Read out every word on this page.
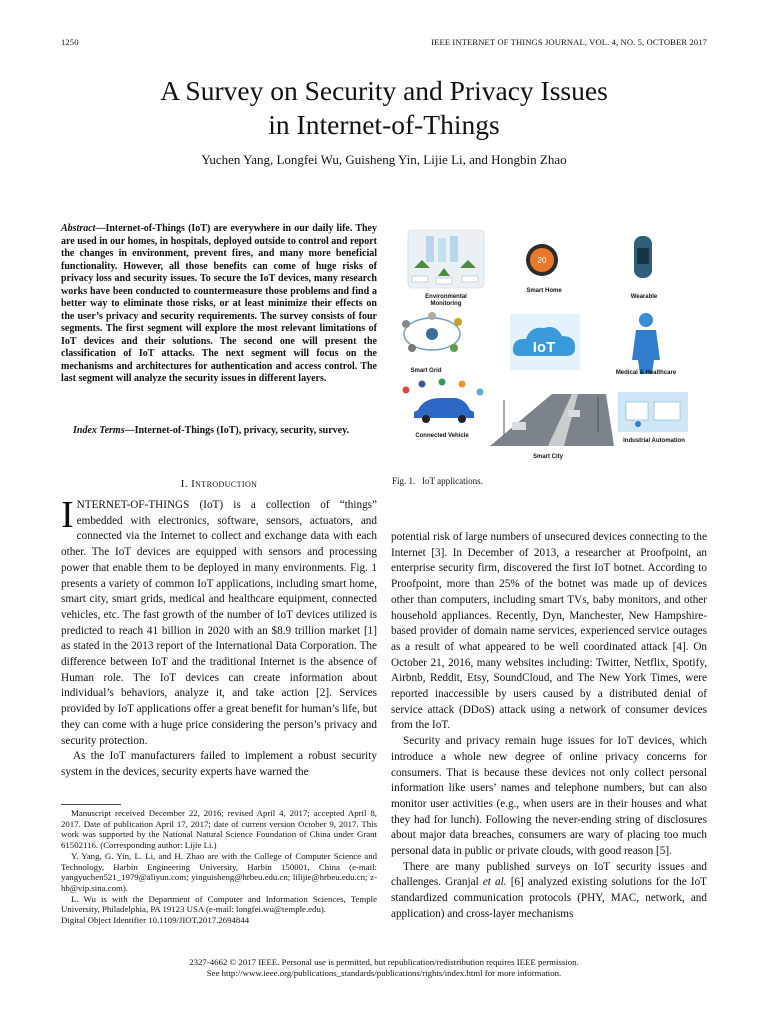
1250	IEEE INTERNET OF THINGS JOURNAL, VOL. 4, NO. 5, OCTOBER 2017
A Survey on Security and Privacy Issues
in Internet-of-Things
Yuchen Yang, Longfei Wu, Guisheng Yin, Lijie Li, and Hongbin Zhao
Abstract—Internet-of-Things (IoT) are everywhere in our daily life. They are used in our homes, in hospitals, deployed outside to control and report the changes in environment, prevent fires, and many more beneficial functionality. However, all those benefits can come of huge risks of privacy loss and security issues. To secure the IoT devices, many research works have been conducted to countermeasure those problems and find a better way to eliminate those risks, or at least minimize their effects on the user’s privacy and security requirements. The survey consists of four segments. The first segment will explore the most relevant limitations of IoT devices and their solutions. The second one will present the classification of IoT attacks. The next segment will focus on the mechanisms and architectures for authentication and access control. The last segment will analyze the security issues in different layers.
Index Terms—Internet-of-Things (IoT), privacy, security, survey.
I. Introduction

INTERNET-OF-THINGS (IoT) is a collection of “things” embedded with electronics, software, sensors, actuators, and connected via the Internet to collect and exchange data with each other. The IoT devices are equipped with sensors and processing power that enable them to be deployed in many environments. Fig. 1 presents a variety of common IoT applications, including smart home, smart city, smart grids, medical and healthcare equipment, connected vehicles, etc. The fast growth of the number of IoT devices utilized is predicted to reach 41 billion in 2020 with an $8.9 trillion market [1] as stated in the 2013 report of the International Data Corporation. The difference between IoT and the traditional Internet is the absence of Human role. The IoT devices can create information about individual’s behaviors, analyze it, and take action [2]. Services provided by IoT applications offer a great benefit for human’s life, but they can come with a huge price considering the person’s privacy and security protection.

As the IoT manufacturers failed to implement a robust security system in the devices, security experts have warned the

Manuscript received December 22, 2016; revised April 4, 2017; accepted April 8, 2017. Date of publication April 17, 2017; date of current version October 9, 2017. This work was supported by the National Natural Science Foundation of China under Grant 61502116. (Corresponding author: Lijie Li.)

Y. Yang, G. Yin, L. Li, and H. Zhao are with the College of Computer Science and Technology, Harbin Engineering University, Harbin 150001, China (e-mail: yangyuchen521_1979@aliyun.com; yinguisheng@hrbeu.edu.cn; lilijie@hrbeu.edu.cn; z-hb@vip.sina.com).

L. Wu is with the Department of Computer and Information Sciences, Temple University, Philadelphia, PA 19123 USA (e-mail: longfei.wu@temple.edu).

Digital Object Identifier 10.1109/JIOT.2017.2694844

Environmental
Monitoring
20
Smart Home
Wearable
Smart Grid
IoT
Medical & Healthcare
Connected Vehicle
Smart City
Industrial Automation
Fig. 1. IoT applications.

potential risk of large numbers of unsecured devices connecting to the Internet [3]. In December of 2013, a researcher at Proofpoint, an enterprise security firm, discovered the first IoT botnet. According to Proofpoint, more than 25% of the botnet was made up of devices other than computers, including smart TVs, baby monitors, and other household appliances. Recently, Dyn, Manchester, New Hampshire-based provider of domain name services, experienced service outages as a result of what appeared to be well coordinated attack [4]. On October 21, 2016, many websites including: Twitter, Netflix, Spotify, Airbnb, Reddit, Etsy, SoundCloud, and The New York Times, were reported inaccessible by users caused by a distributed denial of service attack (DDoS) attack using a network of consumer devices from the IoT.

Security and privacy remain huge issues for IoT devices, which introduce a whole new degree of online privacy concerns for consumers. That is because these devices not only collect personal information like users’ names and telephone numbers, but can also monitor user activities (e.g., when users are in their houses and what they had for lunch). Following the never-ending string of disclosures about major data breaches, consumers are wary of placing too much personal data in public or private clouds, with good reason [5].

There are many published surveys on IoT security issues and challenges. Granjal et al. [6] analyzed existing solutions for the IoT standardized communication protocols (PHY, MAC, network, and application) and cross-layer mechanisms

2327-4662 © 2017 IEEE. Personal use is permitted, but republication/redistribution requires IEEE permission.
See http://www.ieee.org/publications_standards/publications/rights/index.html for more information.
